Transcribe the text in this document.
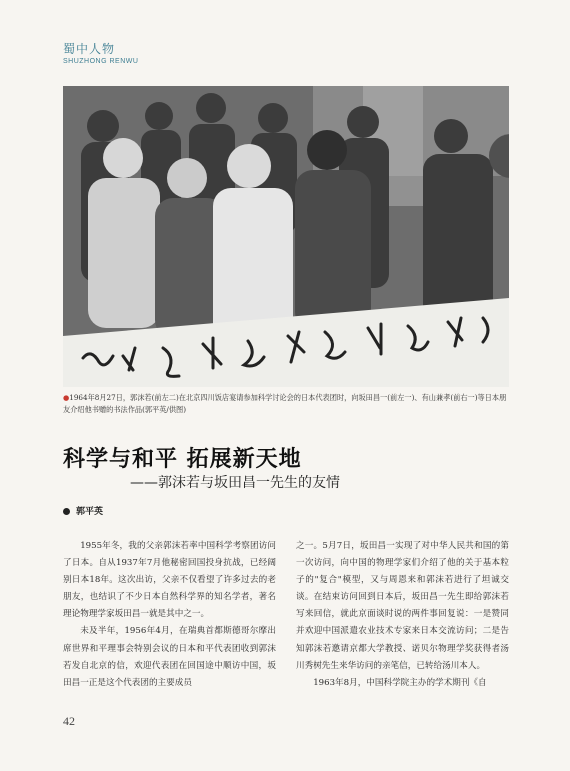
蜀中人物
SHUZHONG RENWU
●1964年8月27日，郭沫若(前左二)在北京四川饭店宴请参加科学讨论会的日本代表团时，向坂田昌一(前左一)、有山兼孝(前右一)等日本朋友介绍他书赠的书法作品(郭平英/供图)
科学与和平 拓展新天地
——郭沫若与坂田昌一先生的友情
郭平英

1955年冬，我的父亲郭沫若率中国科学考察团访问了日本。自从1937年7月他秘密回国投身抗战，已经阔别日本18年。这次出访，父亲不仅看望了许多过去的老朋友，也结识了不少日本自然科学界的知名学者，著名理论物理学家坂田昌一就是其中之一。

未及半年，1956年4月，在瑞典首都斯德哥尔摩出席世界和平理事会特别会议的日本和平代表团收到郭沫若发自北京的信，欢迎代表团在回国途中顺访中国，坂田昌一正是这个代表团的主要成员

之一。5月7日，坂田昌一实现了对中华人民共和国的第一次访问，向中国的物理学家们介绍了他的关于基本粒子的"复合"模型，又与周恩来和郭沫若进行了坦诚交谈。在结束访问回到日本后，坂田昌一先生即给郭沫若写来回信，就此京面谈时说的两件事回复说：一是赞同并欢迎中国派遣农业技术专家来日本交流访问；二是告知郭沫若邀请京都大学教授、诺贝尔物理学奖获得者汤川秀树先生来华访问的亲笔信，已转给汤川本人。

1963年8月，中国科学院主办的学术期刊《自

42
